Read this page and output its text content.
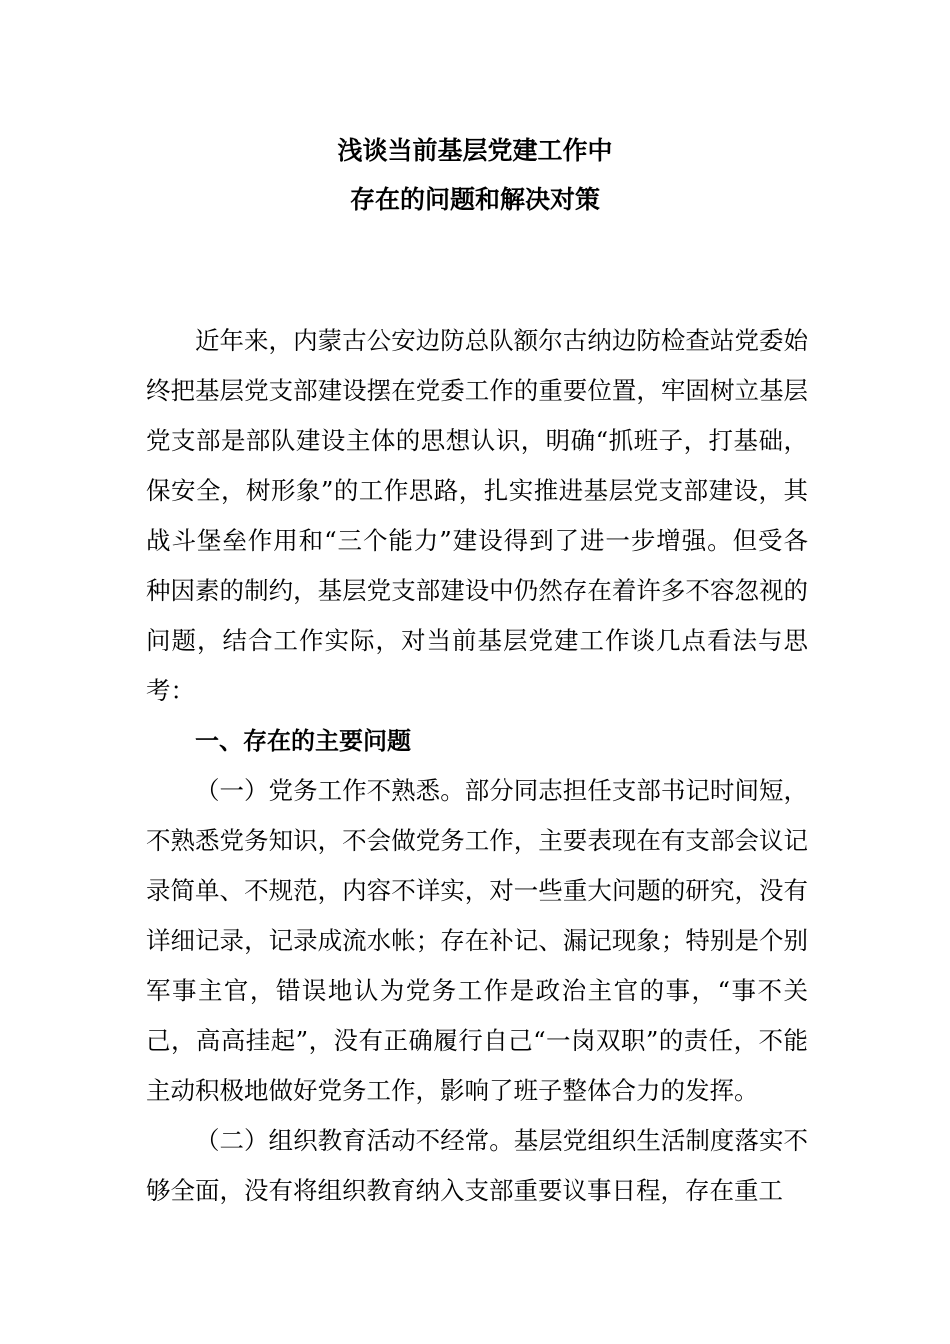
浅谈当前基层党建工作中
存在的问题和解决对策

近年来，内蒙古公安边防总队额尔古纳边防检查站党委始终把基层党支部建设摆在党委工作的重要位置，牢固树立基层党支部是部队建设主体的思想认识，明确“抓班子，打基础，保安全，树形象”的工作思路，扎实推进基层党支部建设，其战斗堡垒作用和“三个能力”建设得到了进一步增强。但受各种因素的制约，基层党支部建设中仍然存在着许多不容忽视的问题，结合工作实际，对当前基层党建工作谈几点看法与思考：

一、存在的主要问题

（一）党务工作不熟悉。部分同志担任支部书记时间短，不熟悉党务知识，不会做党务工作，主要表现在有支部会议记录简单、不规范，内容不详实，对一些重大问题的研究，没有详细记录，记录成流水帐；存在补记、漏记现象；特别是个别军事主官，错误地认为党务工作是政治主官的事，“事不关己，高高挂起”，没有正确履行自己“一岗双职”的责任，不能主动积极地做好党务工作，影响了班子整体合力的发挥。

（二）组织教育活动不经常。基层党组织生活制度落实不够全面，没有将组织教育纳入支部重要议事日程，存在重工
